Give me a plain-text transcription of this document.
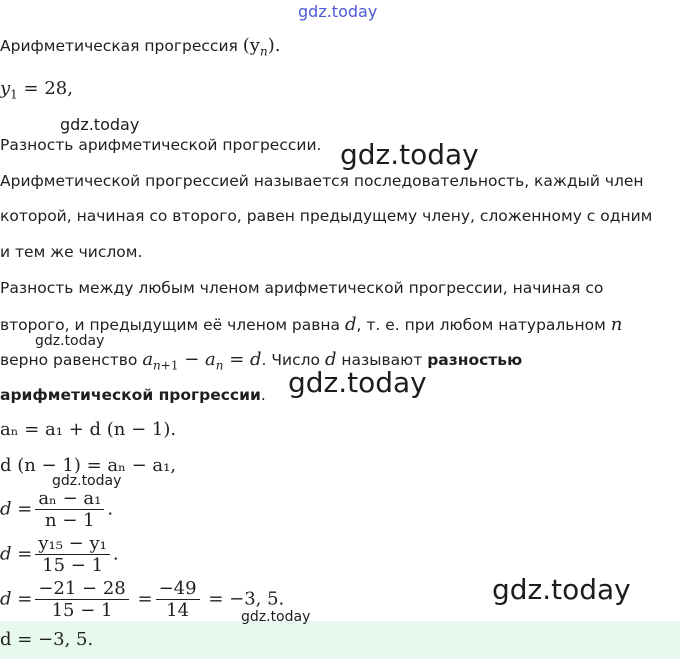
gdz.today
gdz.today
gdz.today
gdz.today
gdz.today
gdz.today
gdz.today
gdz.today
Арифметическая прогрессия $(y_n)$.
$y_1 = 28$,
Разность арифметической прогрессии.
Арифметической прогрессией называется последовательность, каждый член
которой, начиная со второго, равен предыдущему члену, сложенному с одним
и тем же числом.
Разность между любым членом арифметической прогрессии, начиная со
второго, и предыдущим её членом равна d, т. е. при любом натуральном n
верно равенство $a_{n+1} - a_n = d$. Число d называют разностью
арифметической прогрессии.
aₙ = a₁ + d (n − 1).
d (n − 1) = aₙ − a₁,
$d = \frac{\text{aₙ − a₁}}{n - 1}$ .
$d = \frac{\text{y₁₅ − y₁}}{15 - 1}$ .
$d = \frac{-21 - 28}{15 - 1} = \frac{-49}{14} = -3$, 5.
d = −3, 5.
